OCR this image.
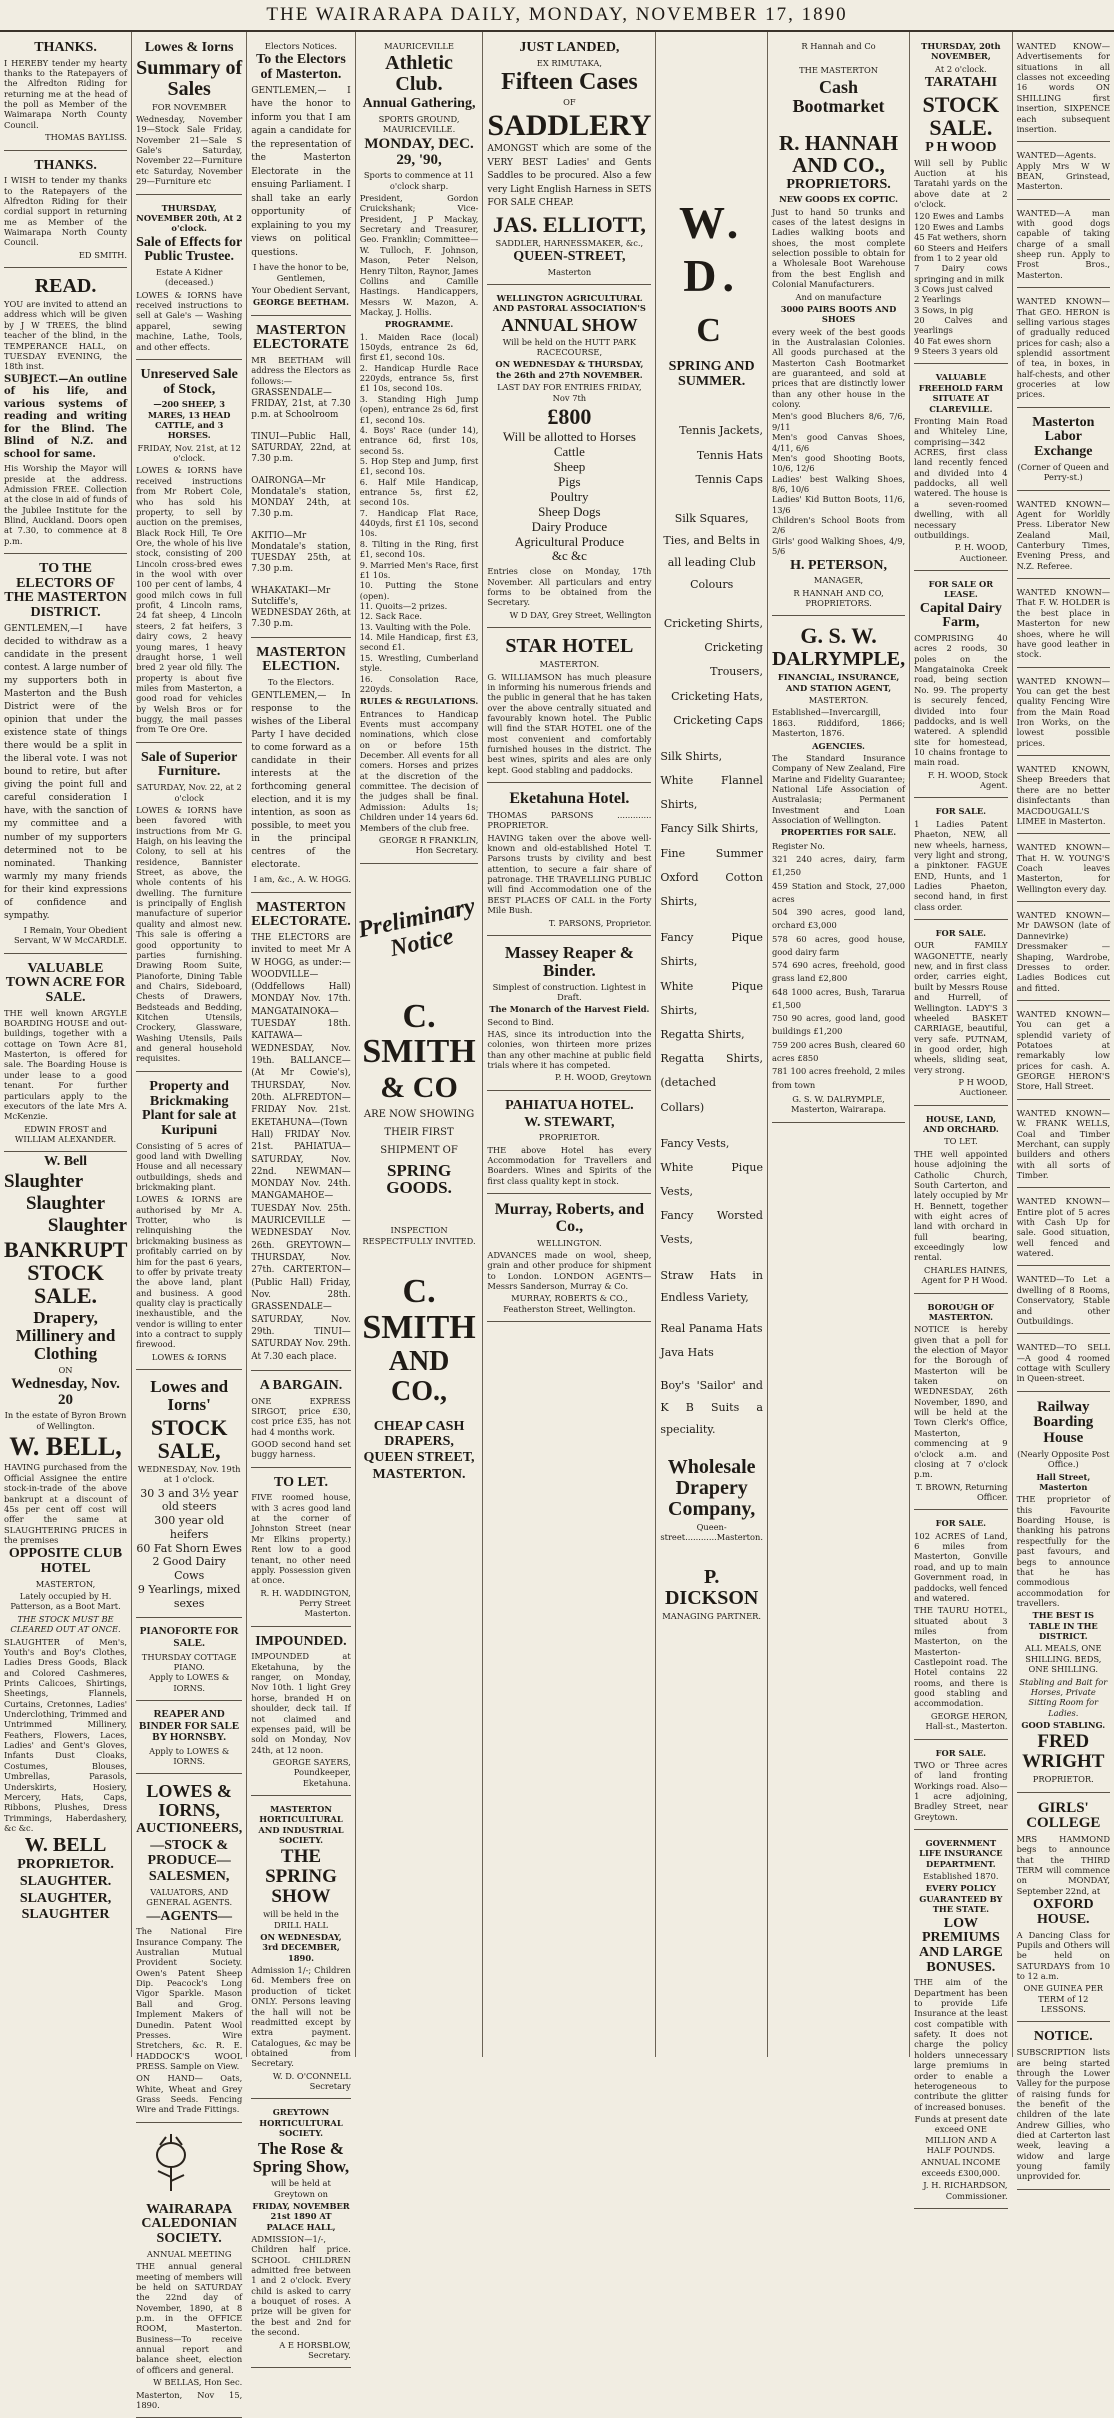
THE WAIRARAPA DAILY, MONDAY, NOVEMBER 17, 1890
THANKS.
I HEREBY tender my hearty thanks to the Ratepayers of the Alfredton Riding for returning me at the head of the poll as Member of the Waimarapa North County Council.
THOMAS BAYLISS.
THANKS.
I WISH to tender my thanks to the Ratepayers of the Alfredton Riding for their cordial support in returning me as Member of the Waimarapa North County Council.
ED SMITH.
READ.
YOU are invited to attend an address which will be given by J W TREES, the blind teacher of the blind, in the TEMPERANCE HALL, on TUESDAY EVENING, the 18th inst.
SUBJECT.—An outline of his life, and various systems of reading and writing for the Blind. The Blind of N.Z. and school for same.
His Worship the Mayor will preside at the address. Admission FREE. Collection at the close in aid of funds of the Jubilee Institute for the Blind, Auckland. Doors open at 7.30, to commence at 8 p.m.
TO THE ELECTORS OF THE MASTERTON DISTRICT.
GENTLEMEN,—I have decided to withdraw as a candidate in the present contest. A large number of my supporters both in Masterton and the Bush District were of the opinion that under the existence state of things there would be a split in the liberal vote. I was not bound to retire, but after giving the point full and careful consideration I have, with the sanction of my committee and a number of my supporters determined not to be nominated. Thanking warmly my many friends for their kind expressions of confidence and sympathy.
I Remain, Your Obedient Servant, W W McCARDLE.
VALUABLE TOWN ACRE FOR SALE.
THE well known ARGYLE BOARDING HOUSE and out-buildings, together with a cottage on Town Acre 81, Masterton, is offered for sale. The Boarding House is under lease to a good tenant. For further particulars apply to the executors of the late Mrs A. McKenzie.
EDWIN FROST and WILLIAM ALEXANDER.
W. Bell
Slaughter
Slaughter
Slaughter
BANKRUPT STOCK SALE.
Drapery, Millinery and Clothing
ON
Wednesday, Nov. 20
In the estate of Byron Brown of Wellington.
W. BELL,
HAVING purchased from the Official Assignee the entire stock-in-trade of the above bankrupt at a discount of 45s per cent off cost will offer the same at SLAUGHTERING PRICES in the premises
OPPOSITE CLUB HOTEL
MASTERTON,
Lately occupied by H. Patterson, as a Boot Mart.
THE STOCK MUST BE CLEARED OUT AT ONCE.
SLAUGHTER of Men's, Youth's and Boy's Clothes, Ladies Dress Goods, Black and Colored Cashmeres, Prints Calicoes, Shirtings, Sheetings, Flannels, Curtains, Cretonnes, Ladies' Underclothing, Trimmed and Untrimmed Millinery, Feathers, Flowers, Laces, Ladies' and Gent's Gloves, Infants Dust Cloaks, Costumes, Blouses, Umbrellas, Parasols, Underskirts, Hosiery, Mercery, Hats, Caps, Ribbons, Plushes, Dress Trimmings, Haberdashery, &c &c.
W. BELL
PROPRIETOR.
SLAUGHTER.
SLAUGHTER,
SLAUGHTER
Lowes & Iorns
Summary of Sales
FOR NOVEMBER
Wednesday, November 19—Stock Sale Friday, November 21—Sale S Gale's Saturday, November 22—Furniture etc Saturday, November 29—Furniture etc
THURSDAY, NOVEMBER 20th, At 2 o'clock.
Sale of Effects for Public Trustee.
Estate A Kidner (deceased.)
LOWES & IORNS have received instructions to sell at Gale's — Washing apparel, sewing machine, Lathe, Tools, and other effects.
Unreserved Sale of Stock,
—200 SHEEP, 3 MARES, 13 HEAD CATTLE, and 3 HORSES.
FRIDAY, Nov. 21st, at 12 o'clock.
LOWES & IORNS have received instructions from Mr Robert Cole, who has sold his property, to sell by auction on the premises, Black Rock Hill, Te Ore Ore, the whole of his live stock, consisting of 200 Lincoln cross-bred ewes in the wool with over 100 per cent of lambs, 4 good milch cows in full profit, 4 Lincoln rams, 24 fat sheep, 4 Lincoln steers, 2 fat heifers, 3 dairy cows, 2 heavy young mares, 1 heavy draught horse, 1 well bred 2 year old filly. The property is about five miles from Masterton, a good road for vehicles by Welsh Bros or for buggy, the mail passes from Te Ore Ore.
Sale of Superior Furniture.
SATURDAY, Nov. 22, at 2 o'clock
LOWES & IORNS have been favored with instructions from Mr G. Haigh, on his leaving the Colony, to sell at his residence, Bannister Street, as above, the whole contents of his dwelling. The furniture is principally of English manufacture of superior quality and almost new. This sale is offering a good opportunity to parties furnishing. Drawing Room Suite, Pianoforte, Dining Table and Chairs, Sideboard, Chests of Drawers, Bedsteads and Bedding, Kitchen Utensils, Crockery, Glassware, Washing Utensils, Pails and general household requisites.
Property and Brickmaking Plant for sale at Kuripuni
Consisting of 5 acres of good land with Dwelling House and all necessary outbuildings, sheds and brickmaking plant.
LOWES & IORNS are authorised by Mr A. Trotter, who is relinquishing the brickmaking business as profitably carried on by him for the past 6 years, to offer by private treaty the above land, plant and business. A good quality clay is practically inexhaustible, and the vendor is willing to enter into a contract to supply firewood.
LOWES & IORNS
Lowes and Iorns'
STOCK SALE,
WEDNESDAY, Nov. 19th at 1 o'clock.
30 3 and 3½ year old steers
300 year old heifers
60 Fat Shorn Ewes
2 Good Dairy Cows
9 Yearlings, mixed sexes
PIANOFORTE FOR SALE.
THURSDAY COTTAGE PIANO.
Apply to LOWES & IORNS.
REAPER AND BINDER FOR SALE BY HORNSBY.
Apply to LOWES & IORNS.
LOWES & IORNS,
AUCTIONEERS,
—STOCK & PRODUCE—
SALESMEN,
VALUATORS, AND GENERAL AGENTS.
—AGENTS—
The National Fire Insurance Company. The Australian Mutual Provident Society. Owen's Patent Sheep Dip. Peacock's Long Vigor Sparkle. Mason Ball and Grog. Implement Makers of Dunedin. Patent Wool Presses. Wire Stretchers, &c. R. E. HADDOCK'S WOOL PRESS. Sample on View.
ON HAND— Oats, White, Wheat and Grey Grass Seeds. Fencing Wire and Trade Fittings.
WAIRARAPA CALEDONIAN SOCIETY.
ANNUAL MEETING
THE annual general meeting of members will be held on SATURDAY the 22nd day of November, 1890, at 8 p.m. in the OFFICE ROOM, Masterton. Business—To receive annual report and balance sheet, election of officers and general.
W BELLAS, Hon Sec.
Masterton, Nov 15, 1890.
Electors Notices.
To the Electors of Masterton.
GENTLEMEN,— I have the honor to inform you that I am again a candidate for the representation of the Masterton Electorate in the ensuing Parliament. I shall take an early opportunity of explaining to you my views on political questions.
I have the honor to be, Gentlemen,
Your Obedient Servant,
GEORGE BEETHAM.
MASTERTON ELECTORATE
MR BEETHAM will address the Electors as follows:—
GRASSENDALE—FRIDAY, 21st, at 7.30 p.m. at Schoolroom

TINUI—Public Hall, SATURDAY, 22nd, at 7.30 p.m.

OAIRONGA—Mr Mondatale's station, MONDAY 24th, at 7.30 p.m.

AKITIO—Mr Mondatale's station, TUESDAY 25th, at 7.30 p.m.

WHAKATAKI—Mr Sutcliffe's, WEDNESDAY 26th, at 7.30 p.m.
MASTERTON ELECTION.
To the Electors.
GENTLEMEN,— In response to the wishes of the Liberal Party I have decided to come forward as a candidate in their interests at the forthcoming general election, and it is my intention, as soon as possible, to meet you in the principal centres of the electorate.
I am, &c., A. W. HOGG.
MASTERTON ELECTORATE.
THE ELECTORS are invited to meet Mr A W HOGG, as under:— WOODVILLE—(Oddfellows Hall) MONDAY Nov. 17th. MANGATAINOKA—TUESDAY 18th. KAITAWA—WEDNESDAY, Nov. 19th. BALLANCE—(At Mr Cowie's), THURSDAY, Nov. 20th. ALFREDTON—FRIDAY Nov. 21st. EKETAHUNA—(Town Hall) FRIDAY Nov. 21st. PAHIATUA—SATURDAY, Nov. 22nd. NEWMAN—MONDAY Nov. 24th. MANGAMAHOE—TUESDAY Nov. 25th. MAURICEVILLE — WEDNESDAY Nov. 26th. GREYTOWN—THURSDAY, Nov. 27th. CARTERTON—(Public Hall) Friday, Nov. 28th. GRASSENDALE—SATURDAY, Nov. 29th. TINUI—SATURDAY Nov. 29th. At 7.30 each place.
A BARGAIN.
ONE EXPRESS SIRGOT, price £30, cost price £35, has not had 4 months work.
GOOD second hand set buggy harness.
TO LET.
FIVE roomed house, with 3 acres good land at the corner of Johnston Street (near Mr Elkins property.) Rent low to a good tenant, no other need apply. Possession given at once.
R. H. WADDINGTON, Perry Street Masterton.
IMPOUNDED.
IMPOUNDED at Eketahuna, by the ranger, on Monday, Nov 10th. 1 light Grey horse, branded H on shoulder, deck tail. If not claimed and expenses paid, will be sold on Monday, Nov 24th, at 12 noon.
GEORGE SAYERS, Poundkeeper, Eketahuna.
MASTERTON HORTICULTURAL AND INDUSTRIAL SOCIETY.
THE SPRING SHOW
will be held in the DRILL HALL
ON WEDNESDAY, 3rd DECEMBER, 1890.
Admission 1/-; Children 6d. Members free on production of ticket ONLY. Persons leaving the hall will not be readmitted except by extra payment. Catalogues, &c may be obtained from Secretary.
W. D. O'CONNELL Secretary
GREYTOWN HORTICULTURAL SOCIETY.
The Rose & Spring Show,
will be held at Greytown on
FRIDAY, NOVEMBER 21st 1890 AT PALACE HALL,
ADMISSION—1/-, Children half price. SCHOOL CHILDREN admitted free between 1 and 2 o'clock. Every child is asked to carry a bouquet of roses. A prize will be given for the best and 2nd for the second.
A E HORSBLOW, Secretary.
MAURICEVILLE
Athletic Club.
Annual Gathering,
SPORTS GROUND, MAURICEVILLE.
MONDAY, DEC. 29, '90,
Sports to commence at 11 o'clock sharp.
President, Gordon Cruickshank; Vice-President, J P Mackay, Secretary and Treasurer, Geo. Franklin; Committee—W. Tulloch, F. Johnson, Mason, Peter Nelson, Henry Tilton, Raynor, James Collins and Camille Hastings. Handicappers, Messrs W. Mazon, A. Mackay, J. Hollis.
PROGRAMME.
1. Maiden Race (local) 150yds, entrance 2s 6d, first £1, second 10s.
2. Handicap Hurdle Race 220yds, entrance 5s, first £1 10s, second 10s.
3. Standing High Jump (open), entrance 2s 6d, first £1, second 10s.
4. Boys' Race (under 14), entrance 6d, first 10s, second 5s.
5. Hop Step and Jump, first £1, second 10s.
6. Half Mile Handicap, entrance 5s, first £2, second 10s.
7. Handicap Flat Race, 440yds, first £1 10s, second 10s.
8. Tilting in the Ring, first £1, second 10s.
9. Married Men's Race, first £1 10s.
10. Putting the Stone (open).
11. Quoits—2 prizes.
12. Sack Race.
13. Vaulting with the Pole.
14. Mile Handicap, first £3, second £1.
15. Wrestling, Cumberland style.
16. Consolation Race, 220yds.
RULES & REGULATIONS.
Entrances to Handicap Events must accompany nominations, which close on or before 15th December. All events for all comers. Horses and prizes at the discretion of the committee. The decision of the judges shall be final. Admission: Adults 1s; Children under 14 years 6d. Members of the club free.
GEORGE R FRANKLIN, Hon Secretary.
Preliminary Notice
C. SMITH
& CO
ARE NOW SHOWING THEIR FIRST SHIPMENT OF
SPRING GOODS.
INSPECTION RESPECTFULLY INVITED.
C. SMITH
AND CO.,
CHEAP CASH DRAPERS,
QUEEN STREET,
MASTERTON.
JUST LANDED,
EX RIMUTAKA,
Fifteen Cases
OF
SADDLERY
AMONGST which are some of the VERY BEST Ladies' and Gents Saddles to be procured. Also a few very Light English Harness in SETS FOR SALE CHEAP.
JAS. ELLIOTT,
SADDLER, HARNESSMAKER, &c.,
QUEEN-STREET,
Masterton
WELLINGTON AGRICULTURAL AND PASTORAL ASSOCIATION'S
ANNUAL SHOW
Will be held on the HUTT PARK RACECOURSE,
ON WEDNESDAY & THURSDAY, the 26th and 27th NOVEMBER.
LAST DAY FOR ENTRIES FRIDAY, Nov 7th
£800
Will be allotted to Horses
Cattle
Sheep
Pigs
Poultry
Sheep Dogs
Dairy Produce
Agricultural Produce
&c &c
Entries close on Monday, 17th November. All particulars and entry forms to be obtained from the Secretary.
W D DAY, Grey Street, Wellington
STAR HOTEL
MASTERTON.
G. WILLIAMSON has much pleasure in informing his numerous friends and the public in general that he has taken over the above centrally situated and favourably known hotel. The Public will find the STAR HOTEL one of the most convenient and comfortably furnished houses in the district. The best wines, spirits and ales are only kept. Good stabling and paddocks.
Eketahuna Hotel.
THOMAS PARSONS ............. PROPRIETOR.
HAVING taken over the above well-known and old-established Hotel T. Parsons trusts by civility and best attention, to secure a fair share of patronage. THE TRAVELLING PUBLIC will find Accommodation one of the BEST PLACES OF CALL in the Forty Mile Bush.
T. PARSONS, Proprietor.
Massey Reaper & Binder.
Simplest of construction. Lightest in Draft.
The Monarch of the Harvest Field.
Second to Bind.
HAS, since its introduction into the colonies, won thirteen more prizes than any other machine at public field trials where it has competed.
P. H. WOOD, Greytown
PAHIATUA HOTEL.
W. STEWART,
PROPRIETOR.
THE above Hotel has every Accommodation for Travellers and Boarders. Wines and Spirits of the first class quality kept in stock.
Murray, Roberts, and Co.,
WELLINGTON.
ADVANCES made on wool, sheep, grain and other produce for shipment to London. LONDON AGENTS—Messrs Sanderson, Murray & Co.
MURRAY, ROBERTS & CO., Featherston Street, Wellington.
W. D.
C
SPRING AND SUMMER.
Tennis Jackets,
Tennis Hats
Tennis Caps
Silk Squares, Ties, and Belts in all leading Club Colours
Cricketing Shirts,
Cricketing Trousers,
Cricketing Hats,
Cricketing Caps
Silk Shirts,
White Flannel Shirts,
Fancy Silk Shirts,
Fine Summer Oxford Cotton Shirts,
Fancy Pique Shirts,
White Pique Shirts,
Regatta Shirts,
Regatta Shirts, (detached Collars)
Fancy Vests,
White Pique Vests,
Fancy Worsted Vests,
Straw Hats in Endless Variety,
Real Panama Hats
Java Hats
Boy's 'Sailor' and K B Suits a speciality.
Wholesale Drapery Company,
Queen-street............Masterton.
P. DICKSON
MANAGING PARTNER.
R Hannah and Co
THE MASTERTON
Cash Bootmarket
R. HANNAH AND CO.,
PROPRIETORS.
NEW GOODS EX COPTIC.
Just to hand 50 trunks and cases of the latest designs in Ladies walking boots and shoes, the most complete selection possible to obtain for a Wholesale Boot Warehouse from the best English and Colonial Manufacturers.
And on manufacture
3000 PAIRS BOOTS AND SHOES
every week of the best goods in the Australasian Colonies. All goods purchased at the Masterton Cash Bootmarket are guaranteed, and sold at prices that are distinctly lower than any other house in the colony.
Men's good Bluchers 8/6, 7/6, 9/11
Men's good Canvas Shoes, 4/11, 6/6
Men's good Shooting Boots, 10/6, 12/6
Ladies' best Walking Shoes, 8/6, 10/6
Ladies' Kid Button Boots, 11/6, 13/6
Children's School Boots from 2/6
Girls' good Walking Shoes, 4/9, 5/6
H. PETERSON,
MANAGER,
R HANNAH AND CO, PROPRIETORS.
G. S. W.
DALRYMPLE,
FINANCIAL, INSURANCE, AND STATION AGENT,
MASTERTON.
Established—Invercargill, 1863. Riddiford, 1866; Masterton, 1876.
AGENCIES.
The Standard Insurance Company of New Zealand, Fire Marine and Fidelity Guarantee; National Life Association of Australasia; Permanent Investment and Loan Association of Wellington.
PROPERTIES FOR SALE.
Register No.
321 240 acres, dairy, farm £1,250
459 Station and Stock, 27,000 acres
504 390 acres, good land, orchard £3,000
578 60 acres, good house, good dairy farm
574 690 acres, freehold, good grass land £2,800
648 1000 acres, Bush, Tararua £1,500
750 90 acres, good land, good buildings £1,200
759 200 acres Bush, cleared 60 acres £850
781 100 acres freehold, 2 miles from town
G. S. W. DALRYMPLE, Masterton, Wairarapa.
THURSDAY, 20th NOVEMBER,
At 2 o'clock.
TARATAHI
STOCK SALE.
P H WOOD
Will sell by Public Auction at his Taratahi yards on the above date at 2 o'clock.
120 Ewes and Lambs
120 Ewes and Lambs
45 Fat wethers, shorn
60 Steers and Heifers from 1 to 2 year old
7 Dairy cows springing and in milk
3 Cows just calved
2 Yearlings
3 Sows, in pig
20 Calves and yearlings
40 Fat ewes shorn
9 Steers 3 years old
VALUABLE FREEHOLD FARM SITUATE AT CLAREVILLE.
Fronting Main Road and Whiteley Line, comprising—342 ACRES, first class land recently fenced and divided into 4 paddocks, all well watered. The house is a seven-roomed dwelling, with all necessary outbuildings.
P. H. WOOD, Auctioneer.
FOR SALE OR LEASE.
Capital Dairy Farm,
COMPRISING 40 acres 2 roods, 30 poles on the Mangatainoka Creek road, being section No. 99. The property is securely fenced, divided into four paddocks, and is well watered. A splendid site for homestead, 10 chains frontage to main road.
F. H. WOOD, Stock Agent.
FOR SALE.
1 Ladies Patent Phaeton, NEW, all new wheels, harness, very light and strong, a pinktoner. FAGUE END, Hunts, and 1 Ladies Phaeton, second hand, in first class order.
FOR SALE.
OUR FAMILY WAGONETTE, nearly new, and in first class order, carries eight, built by Messrs Rouse and Hurrell, of Wellington. LADY'S 3 wheeled BASKET CARRIAGE, beautiful, very safe. PUTNAM, in good order, high wheels, sliding seat, very strong.
P H WOOD, Auctioneer.
HOUSE, LAND, AND ORCHARD.
TO LET.
THE well appointed house adjoining the Catholic Church, South Carterton, and lately occupied by Mr H. Bennett, together with eight acres of land with orchard in full bearing, exceedingly low rental.
CHARLES HAINES, Agent for P H Wood.
BOROUGH OF MASTERTON.
NOTICE is hereby given that a poll for the election of Mayor for the Borough of Masterton will be taken on WEDNESDAY, 26th November, 1890, and will be held at the Town Clerk's Office, Masterton, commencing at 9 o'clock a.m. and closing at 7 o'clock p.m.
T. BROWN, Returning Officer.
FOR SALE.
102 ACRES of Land, 6 miles from Masterton, Gonville road, and up to main Government road, in paddocks, well fenced and watered.
THE TAURU HOTEL, situated about 3 miles from Masterton, on the Masterton-Castlepoint road. The Hotel contains 22 rooms, and there is good stabling and accommodation.
GEORGE HERON, Hall-st., Masterton.
FOR SALE.
TWO or Three acres of land fronting Workings road. Also—1 acre adjoining, Bradley Street, near Greytown.
GOVERNMENT LIFE INSURANCE DEPARTMENT.
Established 1870.
EVERY POLICY GUARANTEED BY THE STATE.
LOW PREMIUMS AND LARGE BONUSES.
THE aim of the Department has been to provide Life Insurance at the least cost compatible with safety. It does not charge the policy holders unnecessary large premiums in order to enable a heterogeneous to contribute the glitter of increased bonuses.
Funds at present date exceed ONE MILLION AND A HALF POUNDS.
ANNUAL INCOME exceeds £300,000.
J. H. RICHARDSON, Commissioner.
WANTED KNOW—Advertisements for situations in all classes not exceeding 16 words ON SHILLING first insertion, SIXPENCE each subsequent insertion.
WANTED—Agents. Apply Mrs W W BEAN, Grinstead, Masterton.
WANTED—A man with good dogs capable of taking charge of a small sheep run. Apply to Frost Bros., Masterton.
WANTED KNOWN—That GEO. HERON is selling various stages of gradually reduced prices for cash; also a splendid assortment of tea, in boxes, in half-chests, and other groceries at low prices.
Masterton Labor Exchange
(Corner of Queen and Perry-st.)
WANTED KNOWN—Agent for Worldly Press. Liberator New Zealand Mail, Canterbury Times, Evening Press, and N.Z. Referee.
WANTED KNOWN—That F. W. HOLDER is the best place in Masterton for new shoes, where he will have good leather in stock.
WANTED KNOWN—You can get the best quality Fencing Wire from the Main Road Iron Works, on the lowest possible prices.
WANTED KNOWN, Sheep Breeders that there are no better disinfectants than MACDOUGALL'S LIMEE in Masterton.
WANTED KNOWN—That H. W. YOUNG'S Coach leaves Masterton, for Wellington every day.
WANTED KNOWN—Mr DAWSON (late of Dannevirke) Dressmaker — Shaping, Wardrobe, Dresses to order. Ladies Bodices cut and fitted.
WANTED KNOWN—You can get a splendid variety of Potatoes at remarkably low prices for cash. A. GEORGE HERON'S Store, Hall Street.
WANTED KNOWN—W. FRANK WELLS, Coal and Timber Merchant, can supply builders and others with all sorts of Timber.
WANTED KNOWN—Entire plot of 5 acres with Cash Up for sale. Good situation, well fenced and watered.
WANTED—To Let a dwelling of 8 Rooms, Conservatory, Stable and other Outbuildings.
WANTED—TO SELL—A good 4 roomed cottage with Scullery in Queen-street.
Railway Boarding House
(Nearly Opposite Post Office.)
Hall Street, Masterton
THE proprietor of this Favourite Boarding House, is thanking his patrons respectfully for the past favours, and begs to announce that he has commodious accommodation for travellers.
THE BEST IS TABLE IN THE DISTRICT.
ALL MEALS, ONE SHILLING. BEDS, ONE SHILLING.
Stabling and Bait for Horses, Private Sitting Room for Ladies.
GOOD STABLING.
FRED WRIGHT
PROPRIETOR.
GIRLS' COLLEGE
MRS HAMMOND begs to announce that the THIRD TERM will commence on MONDAY, September 22nd, at
OXFORD HOUSE.
A Dancing Class for Pupils and Others will be held on SATURDAYS from 10 to 12 a.m.
ONE GUINEA PER TERM of 12 LESSONS.
NOTICE.
SUBSCRIPTION lists are being started through the Lower Valley for the purpose of raising funds for the benefit of the children of the late Andrew Gillies, who died at Carterton last week, leaving a widow and large young family unprovided for.
